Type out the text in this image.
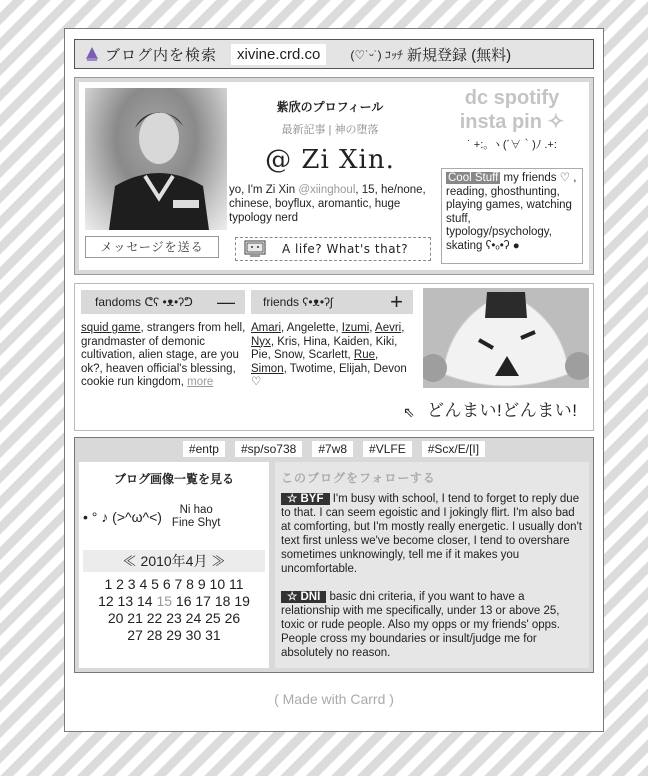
ブログ内を検索	xivine.crd.co	(♡˙ᵕ˙) ｺｯﾁ 新規登録 (無料)
メッセージを送る
紫欣のプロフィール
最新記事 | 神の堕落
@ Zi Xin.
yo, I'm Zi Xin @xiinghoul, 15, he/none, chinese, boyflux, aromantic, huge typology nerd
A life? What's that?
dc spotify
insta pin ✧
˙ +:｡ ヽ(´∀｀)ﾉ .+:
Cool Stuff my friends ♡ , reading, ghosthunting, playing games, watching stuff, typology/psychology, skating ʕ•ₒ•ʔ ●
fandoms ᕦʕ •ᴥ•ʔᕤ —
squid game, strangers from hell, grandmaster of demonic cultivation, alien stage, are you ok?, heaven official's blessing, cookie run kingdom, more
friends ʕ•ᴥ•ʔʃ	+
Amari, Angelette, Izumi, Aevri, Nyx, Kris, Hina, Kaiden, Kiki, Pie, Snow, Scarlett, Rue, Simon, Twotime, Elijah, Devon ♡
⇖ どんまい!どんまい!
#entp #sp/so738 #7w8 #VLFE #Scx/E/[I]
ブログ画像一覧を見る
• ° ♪ (>^ω^<)	Ni hao
Fine Shyt
≪ 2010年4月 ≫
1 2 3 4 5 6 7 8 9 10 11
12 13 14 15 16 17 18 19
20 21 22 23 24 25 26
27 28 29 30 31
このブログをフォローする
☆ BYF I'm busy with school, I tend to forget to reply due to that. I can seem egoistic and I jokingly flirt. I'm also bad at comforting, but I'm mostly really energetic. I usually don't text first unless we've become closer, I tend to overshare sometimes unknowingly, tell me if it makes you uncomfortable.
☆ DNI basic dni criteria, if you want to have a relationship with me specifically, under 13 or above 25, toxic or rude people. Also my opps or my friends' opps. People cross my boundaries or insult/judge me for absolutely no reason.
( Made with Carrd )
